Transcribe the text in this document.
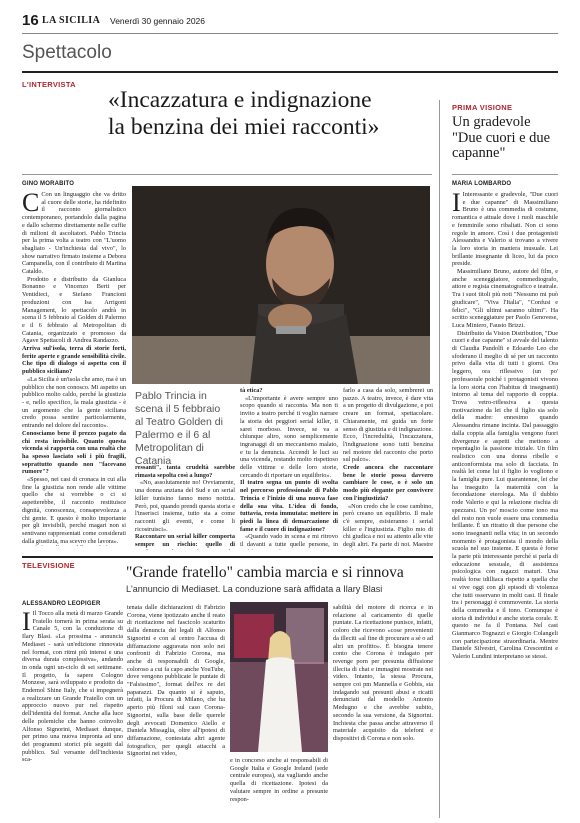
16 LA SICILIA Venerdì 30 gennaio 2026
Spettacolo
L'INTERVISTA
«Incazzatura e indignazione
la benzina dei miei racconti»
GINO MORABITO

C Con un linguaggio che va dritto al cuore delle storie, ha ridefinito il racconto giornalistico contemporaneo, portandolo dalla pagina e dallo schermo direttamente nelle cuffie di milioni di ascoltatori. Pablo Trincia per la prima volta a teatro con "L'uomo sbagliato - Un'inchiesta dal vivo", lo show narrativo firmato insieme a Debora Campanella, con il contributo di Martina Cataldo.

Prodotto e distribuito da Gianluca Bonanno e Vincenzo Berti per Ventidieci, e Stefano Francioni produzioni con Isa Arrigoni Management, lo spettacolo andrà in scena il 5 febbraio al Golden di Palermo e il 6 febbraio al Metropolitan di Catania, organizzato e promosso da Agave Spettacoli di Andrea Randazzo.

Arriva sul'isola, terra di storie forti, ferite aperte e grande sensibilità civile. Che tipo di dialogo si aspetta con il pubblico siciliano?

«La Sicilia è un'isola che amo, ma è un pubblico che non conosco. Mi aspetto un pubblico molto caldo, perché la giustizia - e, nello specifico, la mala giustizia - è un argomento che la gente siciliana credo possa sentire particolarmente, entrando nel dolore del racconto».

Conosciamo bene il prezzo pagato da chi resta invisibile. Quanto questa vicenda si rapporta con una realtà che ha spesso lasciato soli i più fragili, soprattutto quando non "facevano rumore"?

«Spesso, nei casi di cronaca in cui alla fine la giustizia non rende alle vittime quello che si vorrebbe o ci si aspetterebbe, il racconto restituisce dignità, conoscenza, consapevolezza a chi gente. E questo è molto importante per gli invisibili, perché magari non si sentivano rappresentati come considerati dalla giustizia, ma scevro che lavora».

Pablo Trincia in scena il 5 febbraio al Teatro Golden di Palermo e il 6 al Metropolitan di Catania

ressanti", tanta crudeltà sarebbe rimasta sepolta così a lungo?

«No, assolutamente no! Ovviamente, una donna anziana del Sud e un serial killer tunisino fanno meno notizia. Però, poi, quando prendi questa storia e l'inserisci insieme, tutto sta a come racconti gli eventi, e come li ricostruisci».

Raccontare un serial killer comporta sempre un rischio: quello di

tà etica?

«L'importante è avere sempre uno scopo quando si racconta. Ma non ti invito a teatro perché ti voglio narrare la storia dei peggiori serial killer, ti sarei morboso. Invece, se va a chiunque altro, sono semplicemente ingranaggi di un meccanismo malato, e tu la denuncia. Accendi le luci su una vicenda, restando molto rispettoso delle vittime e delle loro storie, cercando di riportare un equilibrio».

Il teatro segna un punto di svolta nel percorso professionale di Pablo Trincia e l'inizio di una nuova fase della sua vita. L'idea di fondo, tuttavia, resta immutata: mettere in piedi la linea di demarcazione di fame e il cuore di indignazione?

«Quando vado in scena e mi ritrovo il davanti a tutte quelle persone, in

farlo a casa da solo, sembrerei un pazzo. A teatro, invece, è dare vita a un progetto di divulgazione, e poi creare un format, spettacolare. Chiaramente, mi guida un forte senso di giustizia e di indignazione. Ecco, l'incredulità, l'incazzatura, l'indignazione sono tutti benzina nel motore del racconto che porto sul palco».

Crede ancora che raccontare bene le storie possa davvero cambiare le cose, o è solo un modo più elegante per convivere con l'ingiustizia?

«Non credo che le cose cambino, però creano un equilibrio. Il male c'è sempre, esisteranno i serial killer e l'ingiustizia. Figlio mio di chi giudica e noi su attento alle vite degli altri. Fa parte di noi. Maestre

PRIMA VISIONE
Un gradevole "Due cuori e due capanne"
MARIA LOMBARDO

I Interessante e gradevole, "Due cuori e due capanne" di Massimiliano Bruno è una commedia di costume, romantica e attuale dove i ruoli maschile e femminile sono ribaltati. Non ci sono regole in amore. Così i due protagonisti Alessandra e Valerio si trovano a vivere la loro storia in maniera inusuale. Lei brillante insegnante di liceo, lui da poco preside.

Massimiliano Bruno, autore del film, e anche sceneggiatore, commediografo, attore e regista cinematografico e teatrale. Tra i suoi titoli più noti "Nessuno mi può giudicare", "Viva l'Italia", "Confusi e felici", "Gli ultimi saranno ultimi". Ha scritto sceneggiature per Paolo Genovese, Luca Miniero, Fausto Brizzi.

Distribuito da Vision Distribution, "Due cuori e due capanne" si avvale del talento di Claudia Pandolfi e Edoardo Leo che sfoderano il meglio di sé per un racconto privo dalla vita di tutti i giorni. Ora leggero, ora riflessivo (un po' professorale poiché i protagonisti vivono la loro storia con l'habitus di insegnanti) intorno al tema del rapporto di coppia. Trova vetro-riflessiva a questa motivazione da lei che il figlio sia solo della madre: ennesimo quando Alessandra rimane incinta. Dal passaggio dalla coppia alla famiglia vengono fuori divergenze e aspetti che mettono a repentaglio la passione iniziale. Un film realistico con una donna ribelle e anticonformista ma solo di facciata. In realtà lei come lui il figlio lo vogliono e la famiglia pure. Lui quarantenne, lei che ha inseguito la maternità con la fecondazione eterologa. Ma il dubbio rode Valerio e qui la relazione rischia di spezzarsi. Un po' moscio come tono ma del resto non vuole essere una commedia brillante. È un ritratto di due persone che sono insegnanti nella vita; in un secondo momento è protagonista il mondo della scuola nel suo insieme. E questa è forse la parte più interessante perché si parla di educazione sessuale, di assistenza psicologica con ragazzi maturi. Una realtà forse idilliaca rispetto a quella che si vive oggi con gli episodi di violenza che tutti osservano in molti casi. Il finale tra i personaggi è commovente. La storia della commedia e il tono. Comunque è storia di individui e anche storia corale. E questo ne fa il Fontana. Nel cast Gianmarco Tognazzi e Giorgio Colangeli con partecipazione straordinaria. Mentre Daniele Silvestri, Carolina Crescentini e Valerio Lundini interpretano se stessi.

TELEVISIONE	"Grande fratello" cambia marcia e si rinnova
L'annuncio di Mediaset. La conduzione sarà affidata a Ilary Blasi
ALESSANDRO LEOPIGER

I Il Tocco alla metà di marzo Grande Fratello tornerà in prima serata su Canale 5, con la conduzione di Ilary Blasi. «La prossima - annuncia Mediaset - sarà un'edizione rinnovata nel format, con ritmi più intensi e una diversa durata complessiva», andando in onda ogni un-ciclo di sei settimane. Il progetto, fa sapere Cologno Monzese, sarà sviluppato e prodotto da Endemol Shine Italy, che si impegnerà a realizzare un Grande Fratello con un approccio nuovo pur nel rispetto dell'identità del format. Anche alla luce delle polemiche che hanno coinvolto Alfonso Signorini, Mediaset dunque, per primo una nuova impronta ad uno dei programmi storici più seguiti dal pubblico. Sul versante dell'inchiesta sca-

tenata dalle dichiarazioni di Fabrizio Corona, viene ipotizzato anche il reato di ricettazione nel fascicolo scaturito dalla denuncia dei legali di Alfonso Signorini e con al centro l'accusa di diffamazione aggravata non solo nei confronti di Fabrizio Corona, ma anche di responsabili di Google, coloroso a cui fa capo anche YouTube, dove vengono pubblicate le puntate di "Falsissimo", format dell'ex re dei paparazzi. Da quanto si è saputo, infatti, la Procura di Milano, che ha aperto più filoni sul caso Corona-Signorini, sulla base delle querele degli avvocati Domenico Aiello e Daniela Missaglia, oltre all'ipotesi di diffamazione, contestata altri agente fotografico, per quegli attacchi a Signorini nei video,

e in concorso anche ai responsabili di Google Italia e Google Ireland (sede centrale europea), sta vagliando anche quella di ricettazione. Ipotesi da valutare sempre in ordine a presunte respon-

sabilità del motore di ricerca e in relazione al caricamento di quelle puntate. La ricettazione punisce, infatti, coloro che ricevono «cose provenienti da illeciti «al fine di procurare a sé o ad altri un profitto». È bisogna tenere conto che Corona è indagato per revenge porn per presunta diffusione illecita di chat e immagini mostrate nei video. Intanto, la stessa Procura, sempre coi pm Mannella e Gobbis, sta indagando sui presunti abusi e ricatti denunciati dal modello Antonio Medugno e che avrebbe subito, secondo la sua versione, da Signorini. Inchiesta che passa anche attraverso il materiale acquisito da telefoni e dispositivi di Corona e non solo.
